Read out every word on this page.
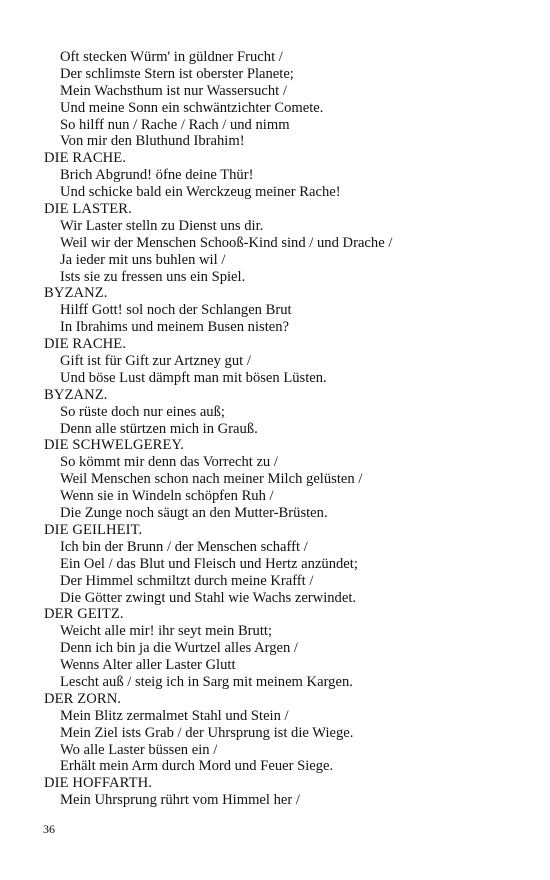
Oft stecken Würm' in güldner Frucht /
Der schlimste Stern ist oberster Planete;
Mein Wachsthum ist nur Wassersucht /
Und meine Sonn ein schwäntzichter Comete.
So hilff nun / Rache / Rach / und nimm
Von mir den Bluthund Ibrahim!
DIE RACHE.
Brich Abgrund! öfne deine Thür!
Und schicke bald ein Werckzeug meiner Rache!
DIE LASTER.
Wir Laster stelln zu Dienst uns dir.
Weil wir der Menschen Schooß-Kind sind / und Drache /
Ja ieder mit uns buhlen wil /
Ists sie zu fressen uns ein Spiel.
BYZANZ.
Hilff Gott! sol noch der Schlangen Brut
In Ibrahims und meinem Busen nisten?
DIE RACHE.
Gift ist für Gift zur Artzney gut /
Und böse Lust dämpft man mit bösen Lüsten.
BYZANZ.
So rüste doch nur eines auß;
Denn alle stürtzen mich in Grauß.
DIE SCHWELGEREY.
So kömmt mir denn das Vorrecht zu /
Weil Menschen schon nach meiner Milch gelüsten /
Wenn sie in Windeln schöpfen Ruh /
Die Zunge noch säugt an den Mutter-Brüsten.
DIE GEILHEIT.
Ich bin der Brunn / der Menschen schafft /
Ein Oel / das Blut und Fleisch und Hertz anzündet;
Der Himmel schmiltzt durch meine Krafft /
Die Götter zwingt und Stahl wie Wachs zerwindet.
DER GEITZ.
Weicht alle mir! ihr seyt mein Brutt;
Denn ich bin ja die Wurtzel alles Argen /
Wenns Alter aller Laster Glutt
Lescht auß / steig ich in Sarg mit meinem Kargen.
DER ZORN.
Mein Blitz zermalmet Stahl und Stein /
Mein Ziel ists Grab / der Uhrsprung ist die Wiege.
Wo alle Laster büssen ein /
Erhält mein Arm durch Mord und Feuer Siege.
DIE HOFFARTH.
Mein Uhrsprung rührt vom Himmel her /
36
